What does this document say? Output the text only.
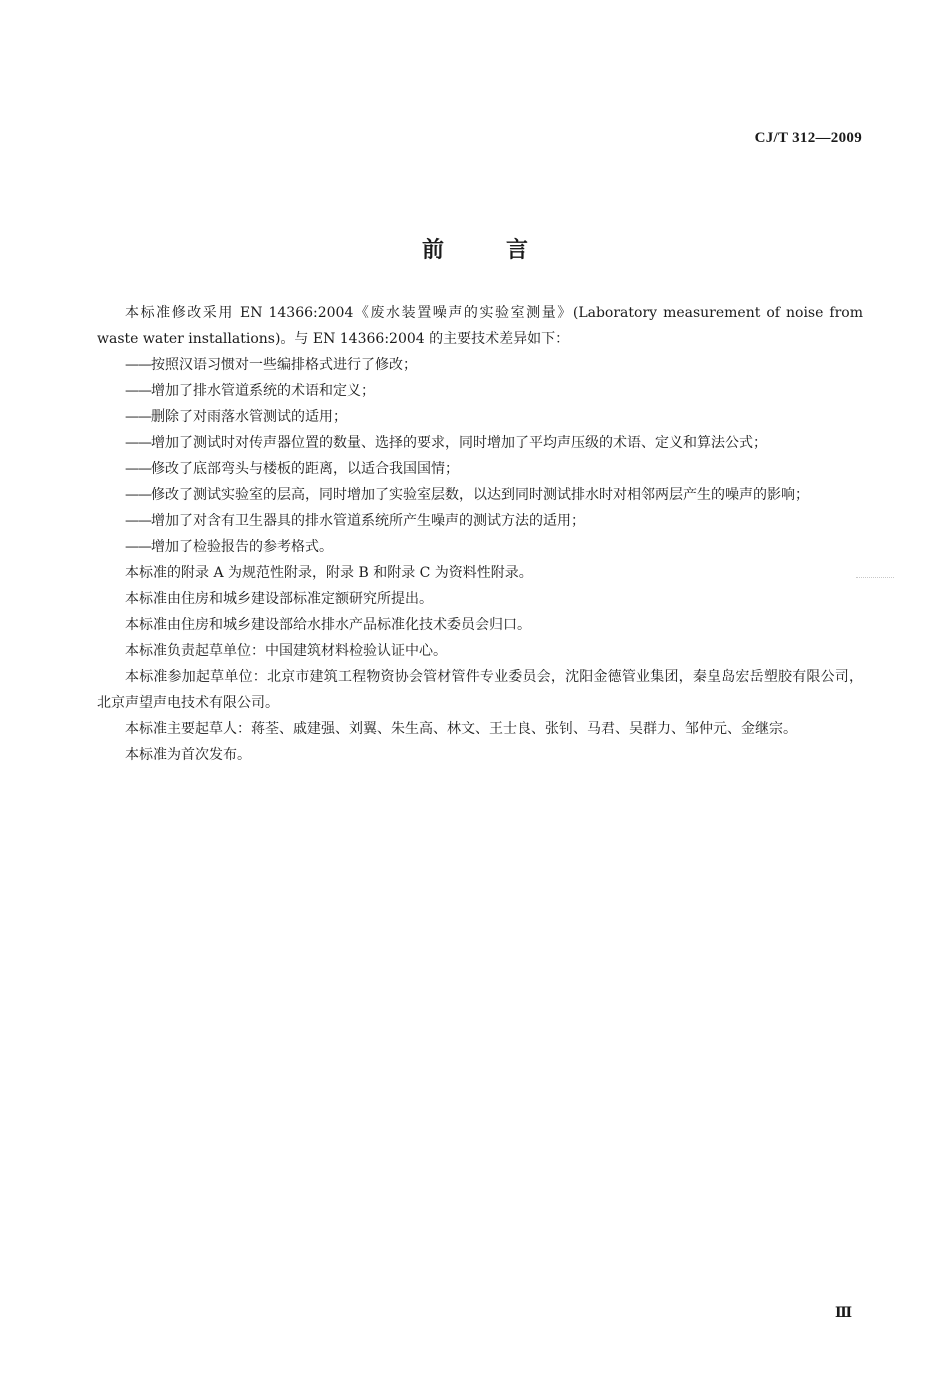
CJ/T 312—2009
前言

本标准修改采用 EN 14366:2004《废水装置噪声的实验室测量》(Laboratory measurement of noise from waste water installations)。与 EN 14366:2004 的主要技术差异如下：

——按照汉语习惯对一些编排格式进行了修改；

——增加了排水管道系统的术语和定义；

——删除了对雨落水管测试的适用；

——增加了测试时对传声器位置的数量、选择的要求，同时增加了平均声压级的术语、定义和算法公式；

——修改了底部弯头与楼板的距离，以适合我国国情；

——修改了测试实验室的层高，同时增加了实验室层数，以达到同时测试排水时对相邻两层产生的噪声的影响；

——增加了对含有卫生器具的排水管道系统所产生噪声的测试方法的适用；

——增加了检验报告的参考格式。

本标准的附录 A 为规范性附录，附录 B 和附录 C 为资料性附录。

本标准由住房和城乡建设部标准定额研究所提出。

本标准由住房和城乡建设部给水排水产品标准化技术委员会归口。

本标准负责起草单位：中国建筑材料检验认证中心。

本标准参加起草单位：北京市建筑工程物资协会管材管件专业委员会，沈阳金德管业集团，秦皇岛宏岳塑胶有限公司，北京声望声电技术有限公司。

本标准主要起草人：蒋荃、戚建强、刘翼、朱生高、林文、王士良、张钊、马君、吴群力、邹仲元、金继宗。

本标准为首次发布。

Ⅲ
